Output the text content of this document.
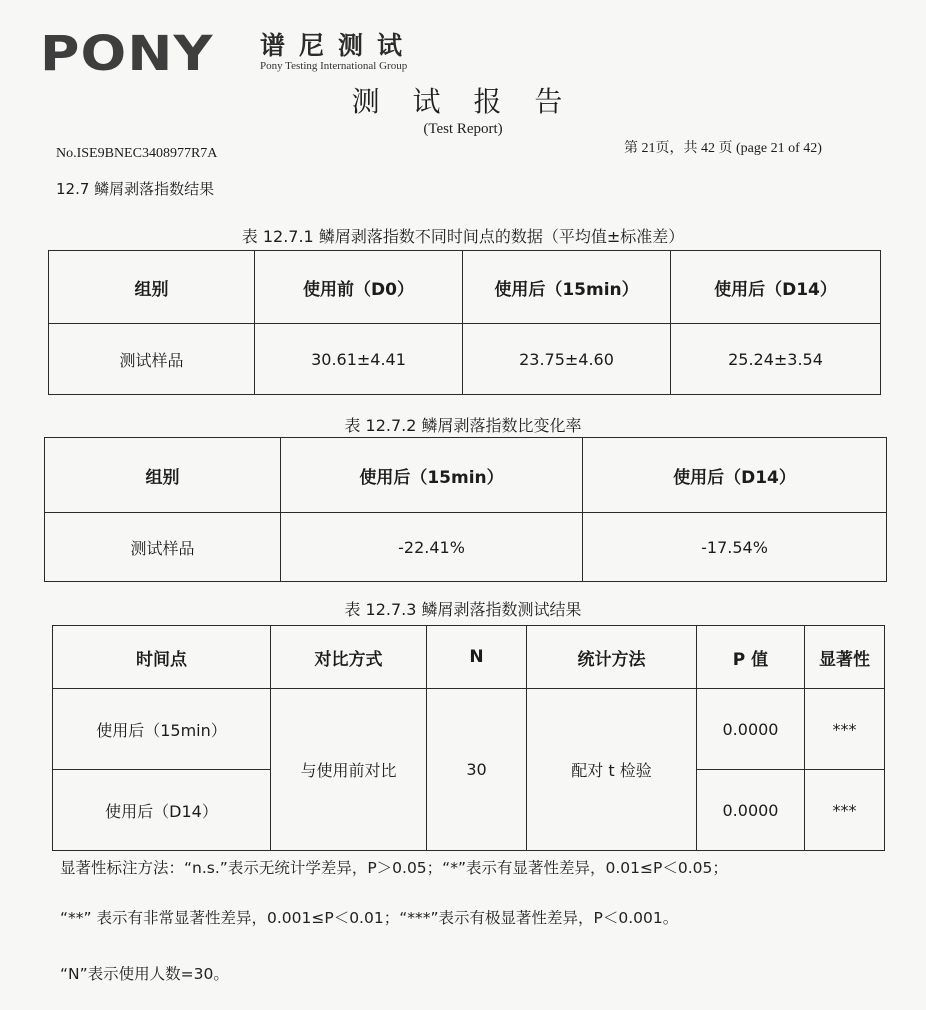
PONY 谱尼测试
Pony Testing International Group
测 试 报 告
(Test Report)
No.ISE9BNEC3408977R7A	第 21页，共 42 页 (page 21 of 42)
12.7 鳞屑剥落指数结果
表 12.7.1 鳞屑剥落指数不同时间点的数据（平均值±标准差）
组别	使用前（D0）	使用后（15min）	使用后（D14）
测试样品	30.61±4.41	23.75±4.60	25.24±3.54
表 12.7.2 鳞屑剥落指数比变化率
组别	使用后（15min）	使用后（D14）
测试样品	-22.41%	-17.54%
表 12.7.3 鳞屑剥落指数测试结果
时间点	对比方式	N	统计方法	P 值	显著性
使用后（15min）	与使用前对比	30	配对 t 检验	0.0000	***
使用后（D14）				0.0000	***
显著性标注方法：“n.s.”表示无统计学差异，P＞0.05；“*”表示有显著性差异，0.01≤P＜0.05；
“**” 表示有非常显著性差异，0.001≤P＜0.01；“***”表示有极显著性差异，P＜0.001。
“N”表示使用人数=30。
